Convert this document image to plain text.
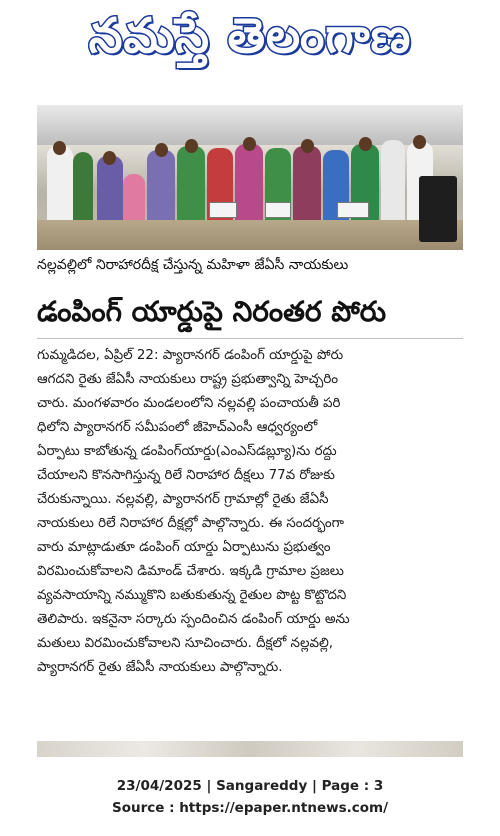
నమస్తే తెలంగాణ
నల్లవల్లిలో నిరాహారదీక్ష చేస్తున్న మహిళా జేఏసీ నాయకులు
డంపింగ్ యార్డుపై నిరంతర పోరు
గుమ్మడిదల, ఏప్రిల్ 22: ప్యారానగర్ డంపింగ్ యార్డుపై పోరు
ఆగదని రైతు జేఏసీ నాయకులు రాష్ట్ర ప్రభుత్వాన్ని హెచ్చరిం
చారు. మంగళవారం మండలంలోని నల్లవల్లి పంచాయతీ పరి
ధిలోని ప్యారానగర్ సమీపంలో జీహెచ్ఎంసీ ఆధ్వర్యంలో
ఏర్పాటు కాబోతున్న డంపింగ్‌యార్డు(ఎంఎస్‌డబ్ల్యూ)ను రద్దు
చేయాలని కొనసాగిస్తున్న రిలే నిరాహార దీక్షలు 77వ రోజుకు
చేరుకున్నాయి. నల్లవల్లి, ప్యారానగర్ గ్రామాల్లో రైతు జేఏసీ
నాయకులు రిలే నిరాహార దీక్షల్లో పాల్గొన్నారు. ఈ సందర్భంగా
వారు మాట్లాడుతూ డంపింగ్ యార్డు ఏర్పాటును ప్రభుత్వం
విరమించుకోవాలని డిమాండ్ చేశారు. ఇక్కడి గ్రామాల ప్రజలు
వ్యవసాయాన్ని నమ్ముకొని బతుకుతున్న రైతుల పొట్ట కొట్టొదని
తెలిపారు. ఇకనైనా సర్కారు స్పందించిన డంపింగ్ యార్డు అను
మతులు విరమించుకోవాలని సూచించారు. దీక్షలో నల్లవల్లి,
ప్యారానగర్ రైతు జేఏసీ నాయకులు పాల్గొన్నారు.
23/04/2025 | Sangareddy | Page : 3
Source : https://epaper.ntnews.com/
